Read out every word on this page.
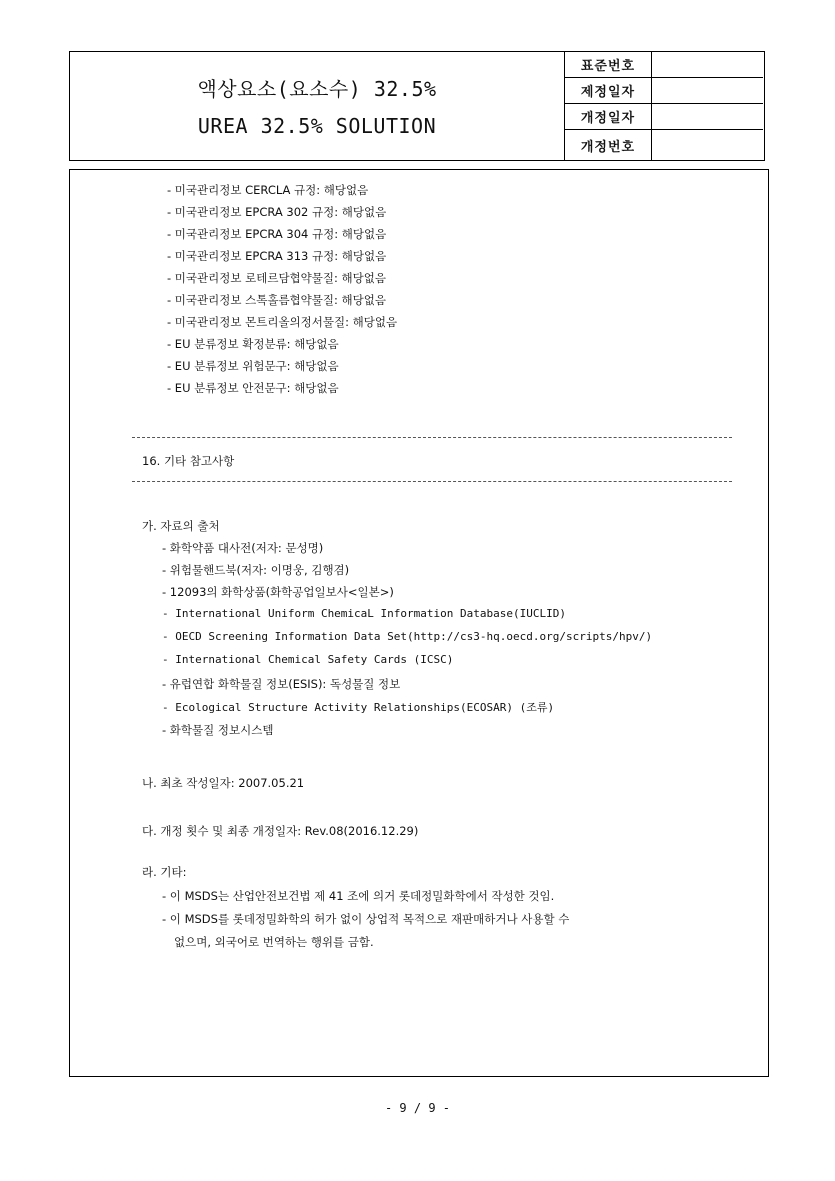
액상요소(요소수) 32.5%
UREA 32.5% SOLUTION
표준번호	
제정일자	
개정일자	
개정번호	
- 미국관리정보 CERCLA 규정: 해당없음
- 미국관리정보 EPCRA 302 규정: 해당없음
- 미국관리정보 EPCRA 304 규정: 해당없음
- 미국관리정보 EPCRA 313 규정: 해당없음
- 미국관리정보 로테르담협약물질: 해당없음
- 미국관리정보 스톡홀름협약물질: 해당없음
- 미국관리정보 몬트리올의정서물질: 해당없음
- EU 분류정보 확정분류: 해당없음
- EU 분류정보 위험문구: 해당없음
- EU 분류정보 안전문구: 해당없음
16. 기타 참고사항
가. 자료의 출처
- 화학약품 대사전(저자: 문성명)
- 위험물핸드북(저자: 이명웅, 김행겸)
- 12093의 화학상품(화학공업일보사<일본>)
- International Uniform ChemicaL Information Database(IUCLID)
- OECD Screening Information Data Set(http://cs3-hq.oecd.org/scripts/hpv/)
- International Chemical Safety Cards (ICSC)
- 유럽연합 화학물질 정보(ESIS): 독성물질 정보
- Ecological Structure Activity Relationships(ECOSAR) (조류)
- 화학물질 정보시스템
나. 최초 작성일자: 2007.05.21
다. 개정 횟수 및 최종 개정일자: Rev.08(2016.12.29)
라. 기타:
- 이 MSDS는 산업안전보건법 제 41 조에 의거 롯데정밀화학에서 작성한 것임.
- 이 MSDS를 롯데정밀화학의 허가 없이 상업적 목적으로 재판매하거나 사용할 수
없으며, 외국어로 번역하는 행위를 금함.
- 9 / 9 -
